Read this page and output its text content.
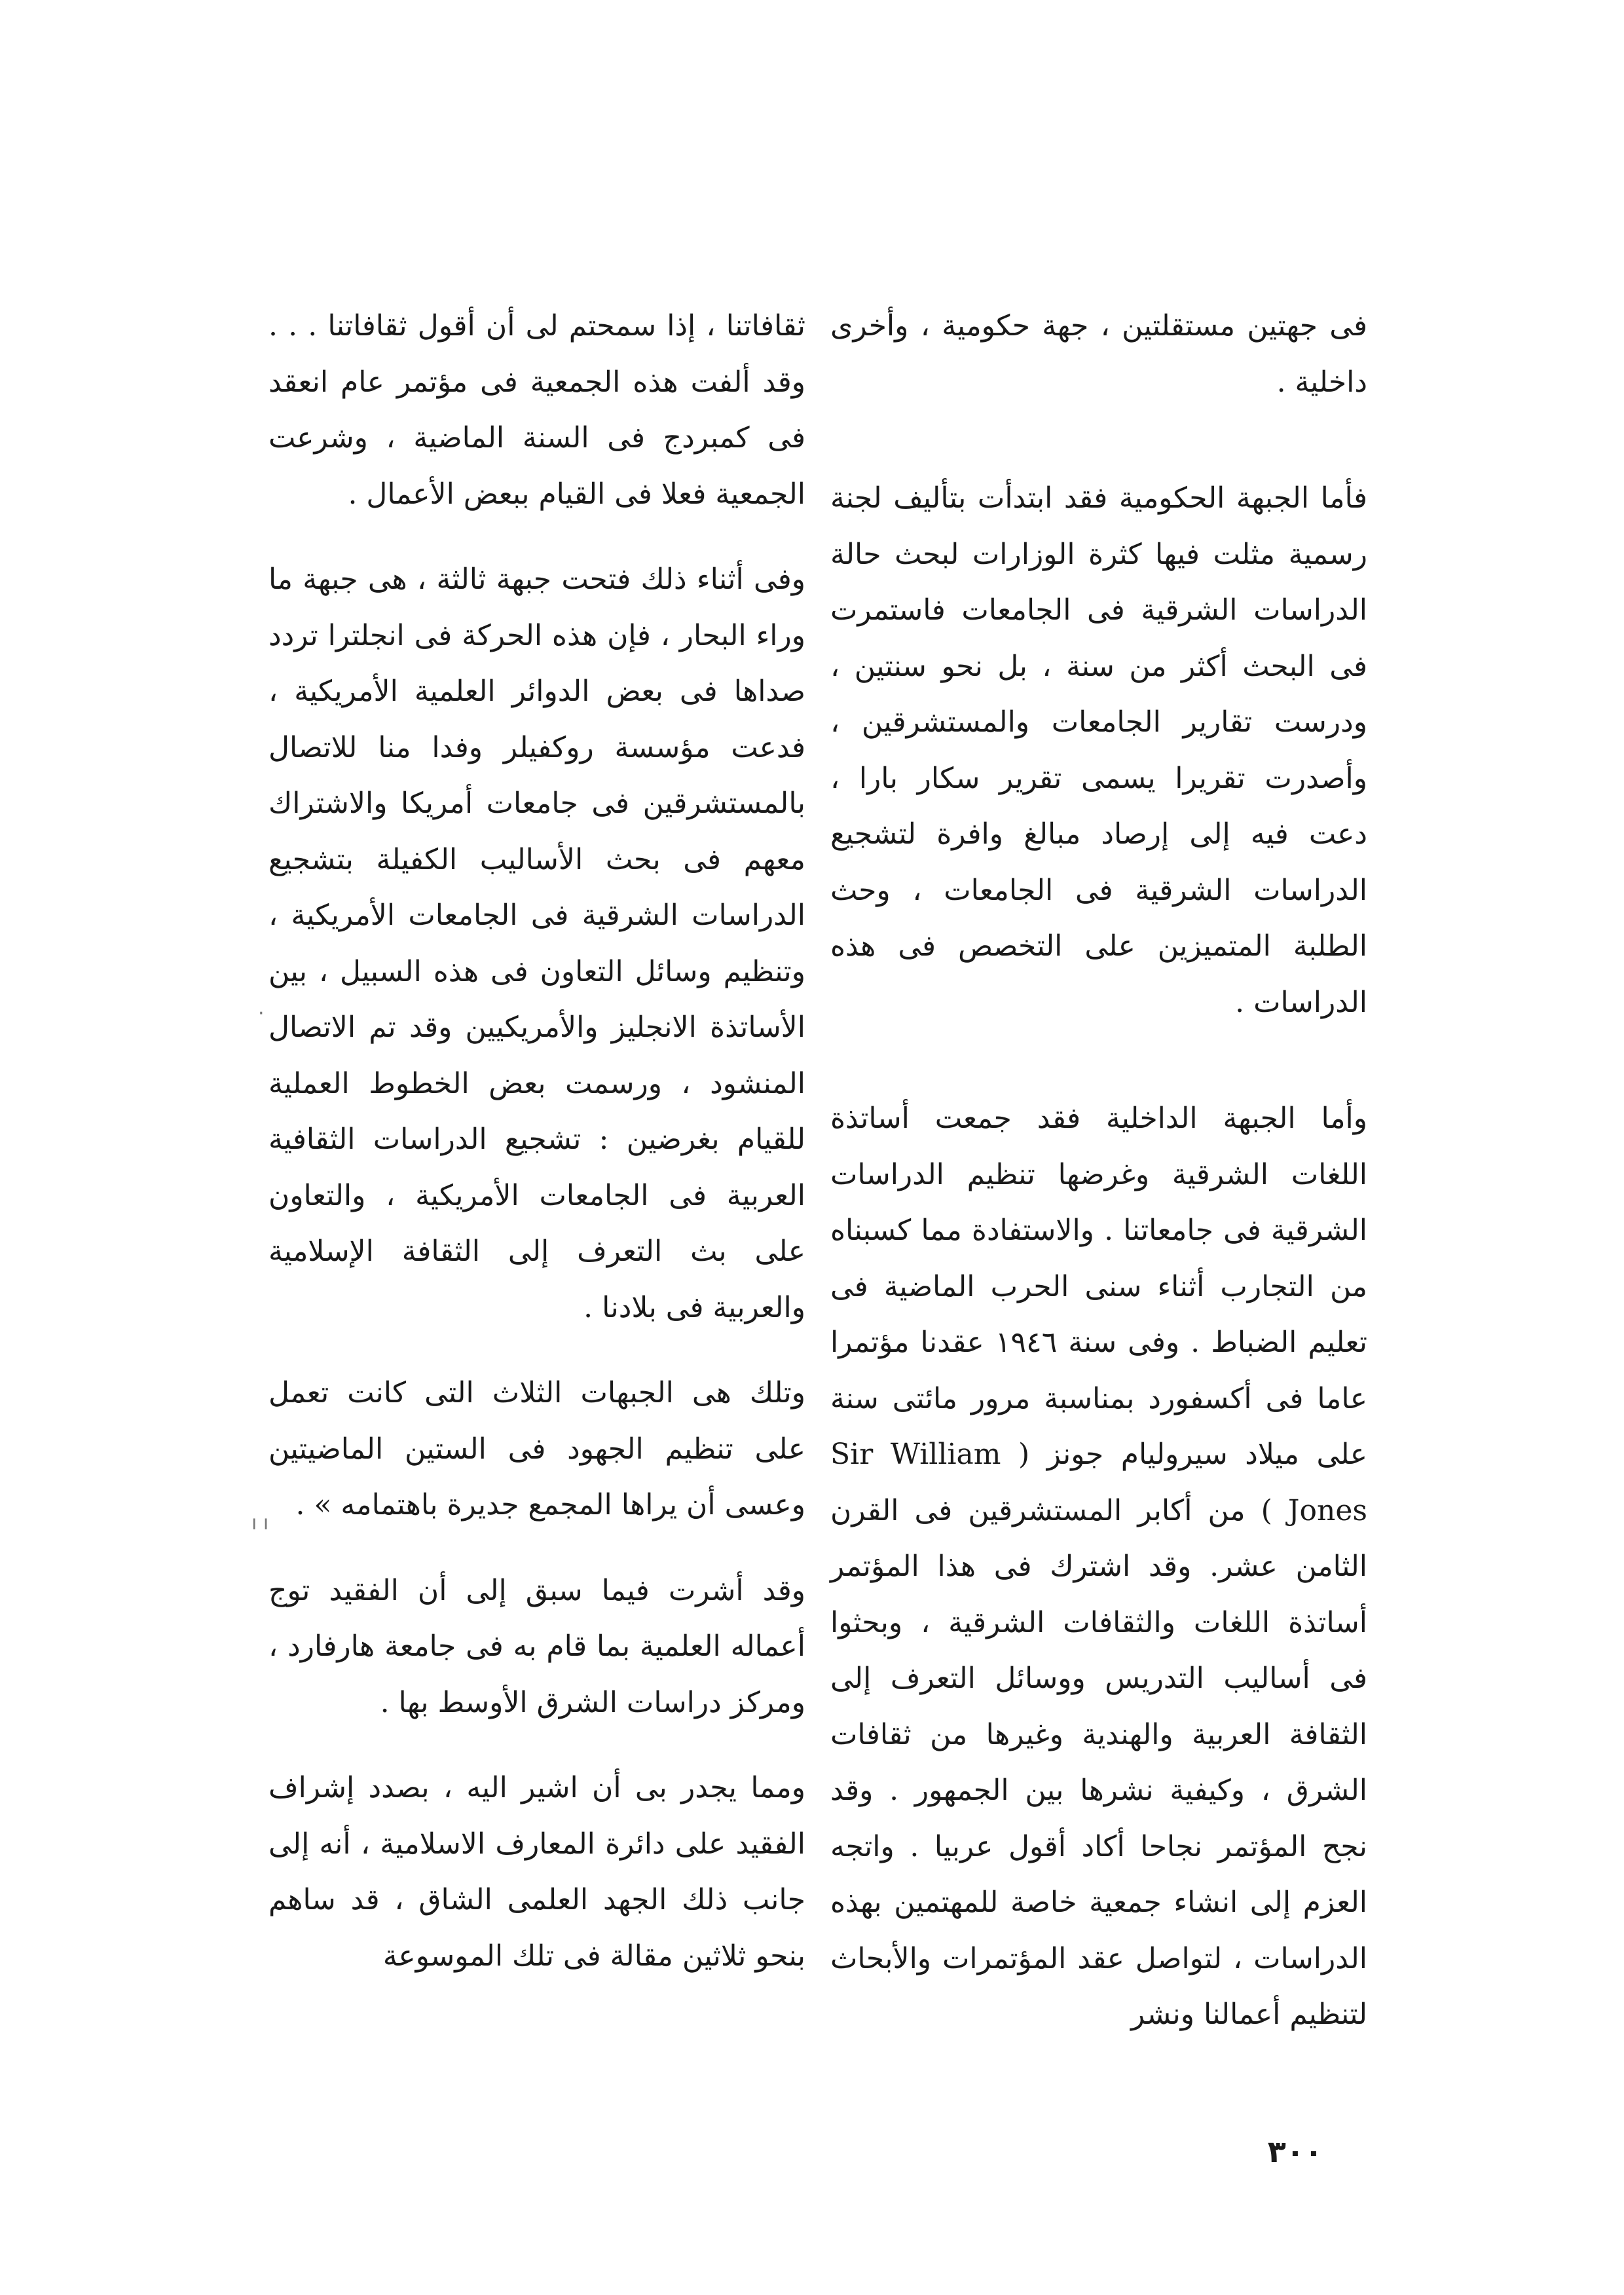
فى جهتين مستقلتين ، جهة حكومية ، وأخرى داخلية .

فأما الجبهة الحكومية فقد ابتدأت بتأليف لجنة رسمية مثلت فيها كثرة الوزارات لبحث حالة الدراسات الشرقية فى الجامعات فاستمرت فى البحث أكثر من سنة ، بل نحو سنتين ، ودرست تقارير الجامعات والمستشرقين ، وأصدرت تقريرا يسمى تقرير سكار بارا ، دعت فيه إلى إرصاد مبالغ وافرة لتشجيع الدراسات الشرقية فى الجامعات ، وحث الطلبة المتميزين على التخصص فى هذه الدراسات .

وأما الجبهة الداخلية فقد جمعت أساتذة اللغات الشرقية وغرضها تنظيم الدراسات الشرقية فى جامعاتنا . والاستفادة مما كسبناه من التجارب أثناء سنى الحرب الماضية فى تعليم الضباط . وفى سنة ١٩٤٦ عقدنا مؤتمرا عاما فى أكسفورد بمناسبة مرور مائتى سنة على ميلاد سيروليام جونز ( Sir William Jones ) من أكابر المستشرقين فى القرن الثامن عشر. وقد اشترك فى هذا المؤتمر أساتذة اللغات والثقافات الشرقية ، وبحثوا فى أساليب التدريس ووسائل التعرف إلى الثقافة العربية والهندية وغيرها من ثقافات الشرق ، وكيفية نشرها بين الجمهور . وقد نجح المؤتمر نجاحا أكاد أقول عربيا . واتجه العزم إلى انشاء جمعية خاصة للمهتمين بهذه الدراسات ، لتواصل عقد المؤتمرات والأبحاث لتنظيم أعمالنا ونشر

ثقافاتنا ، إذا سمحتم لى أن أقول ثقافاتنا . . . وقد ألفت هذه الجمعية فى مؤتمر عام انعقد فى كمبردج فى السنة الماضية ، وشرعت الجمعية فعلا فى القيام ببعض الأعمال .

وفى أثناء ذلك فتحت جبهة ثالثة ، هى جبهة ما وراء البحار ، فإن هذه الحركة فى انجلترا تردد صداها فى بعض الدوائر العلمية الأمريكية ، فدعت مؤسسة روكفيلر وفدا منا للاتصال بالمستشرقين فى جامعات أمريكا والاشتراك معهم فى بحث الأساليب الكفيلة بتشجيع الدراسات الشرقية فى الجامعات الأمريكية ، وتنظيم وسائل التعاون فى هذه السبيل ، بين الأساتذة الانجليز والأمريكيين وقد تم الاتصال المنشود ، ورسمت بعض الخطوط العملية للقيام بغرضين : تشجيع الدراسات الثقافية العربية فى الجامعات الأمريكية ، والتعاون على بث التعرف إلى الثقافة الإسلامية والعربية فى بلادنا .

وتلك هى الجبهات الثلاث التى كانت تعمل على تنظيم الجهود فى الستين الماضيتين وعسى أن يراها المجمع جديرة باهتمامه » .

وقد أشرت فيما سبق إلى أن الفقيد توج أعماله العلمية بما قام به فى جامعة هارفارد ، ومركز دراسات الشرق الأوسط بها .

ومما يجدر بى أن اشير اليه ، بصدد إشراف الفقيد على دائرة المعارف الاسلامية ، أنه إلى جانب ذلك الجهد العلمى الشاق ، قد ساهم بنحو ثلاثين مقالة فى تلك الموسوعة

٣٠٠
·
ı ı
